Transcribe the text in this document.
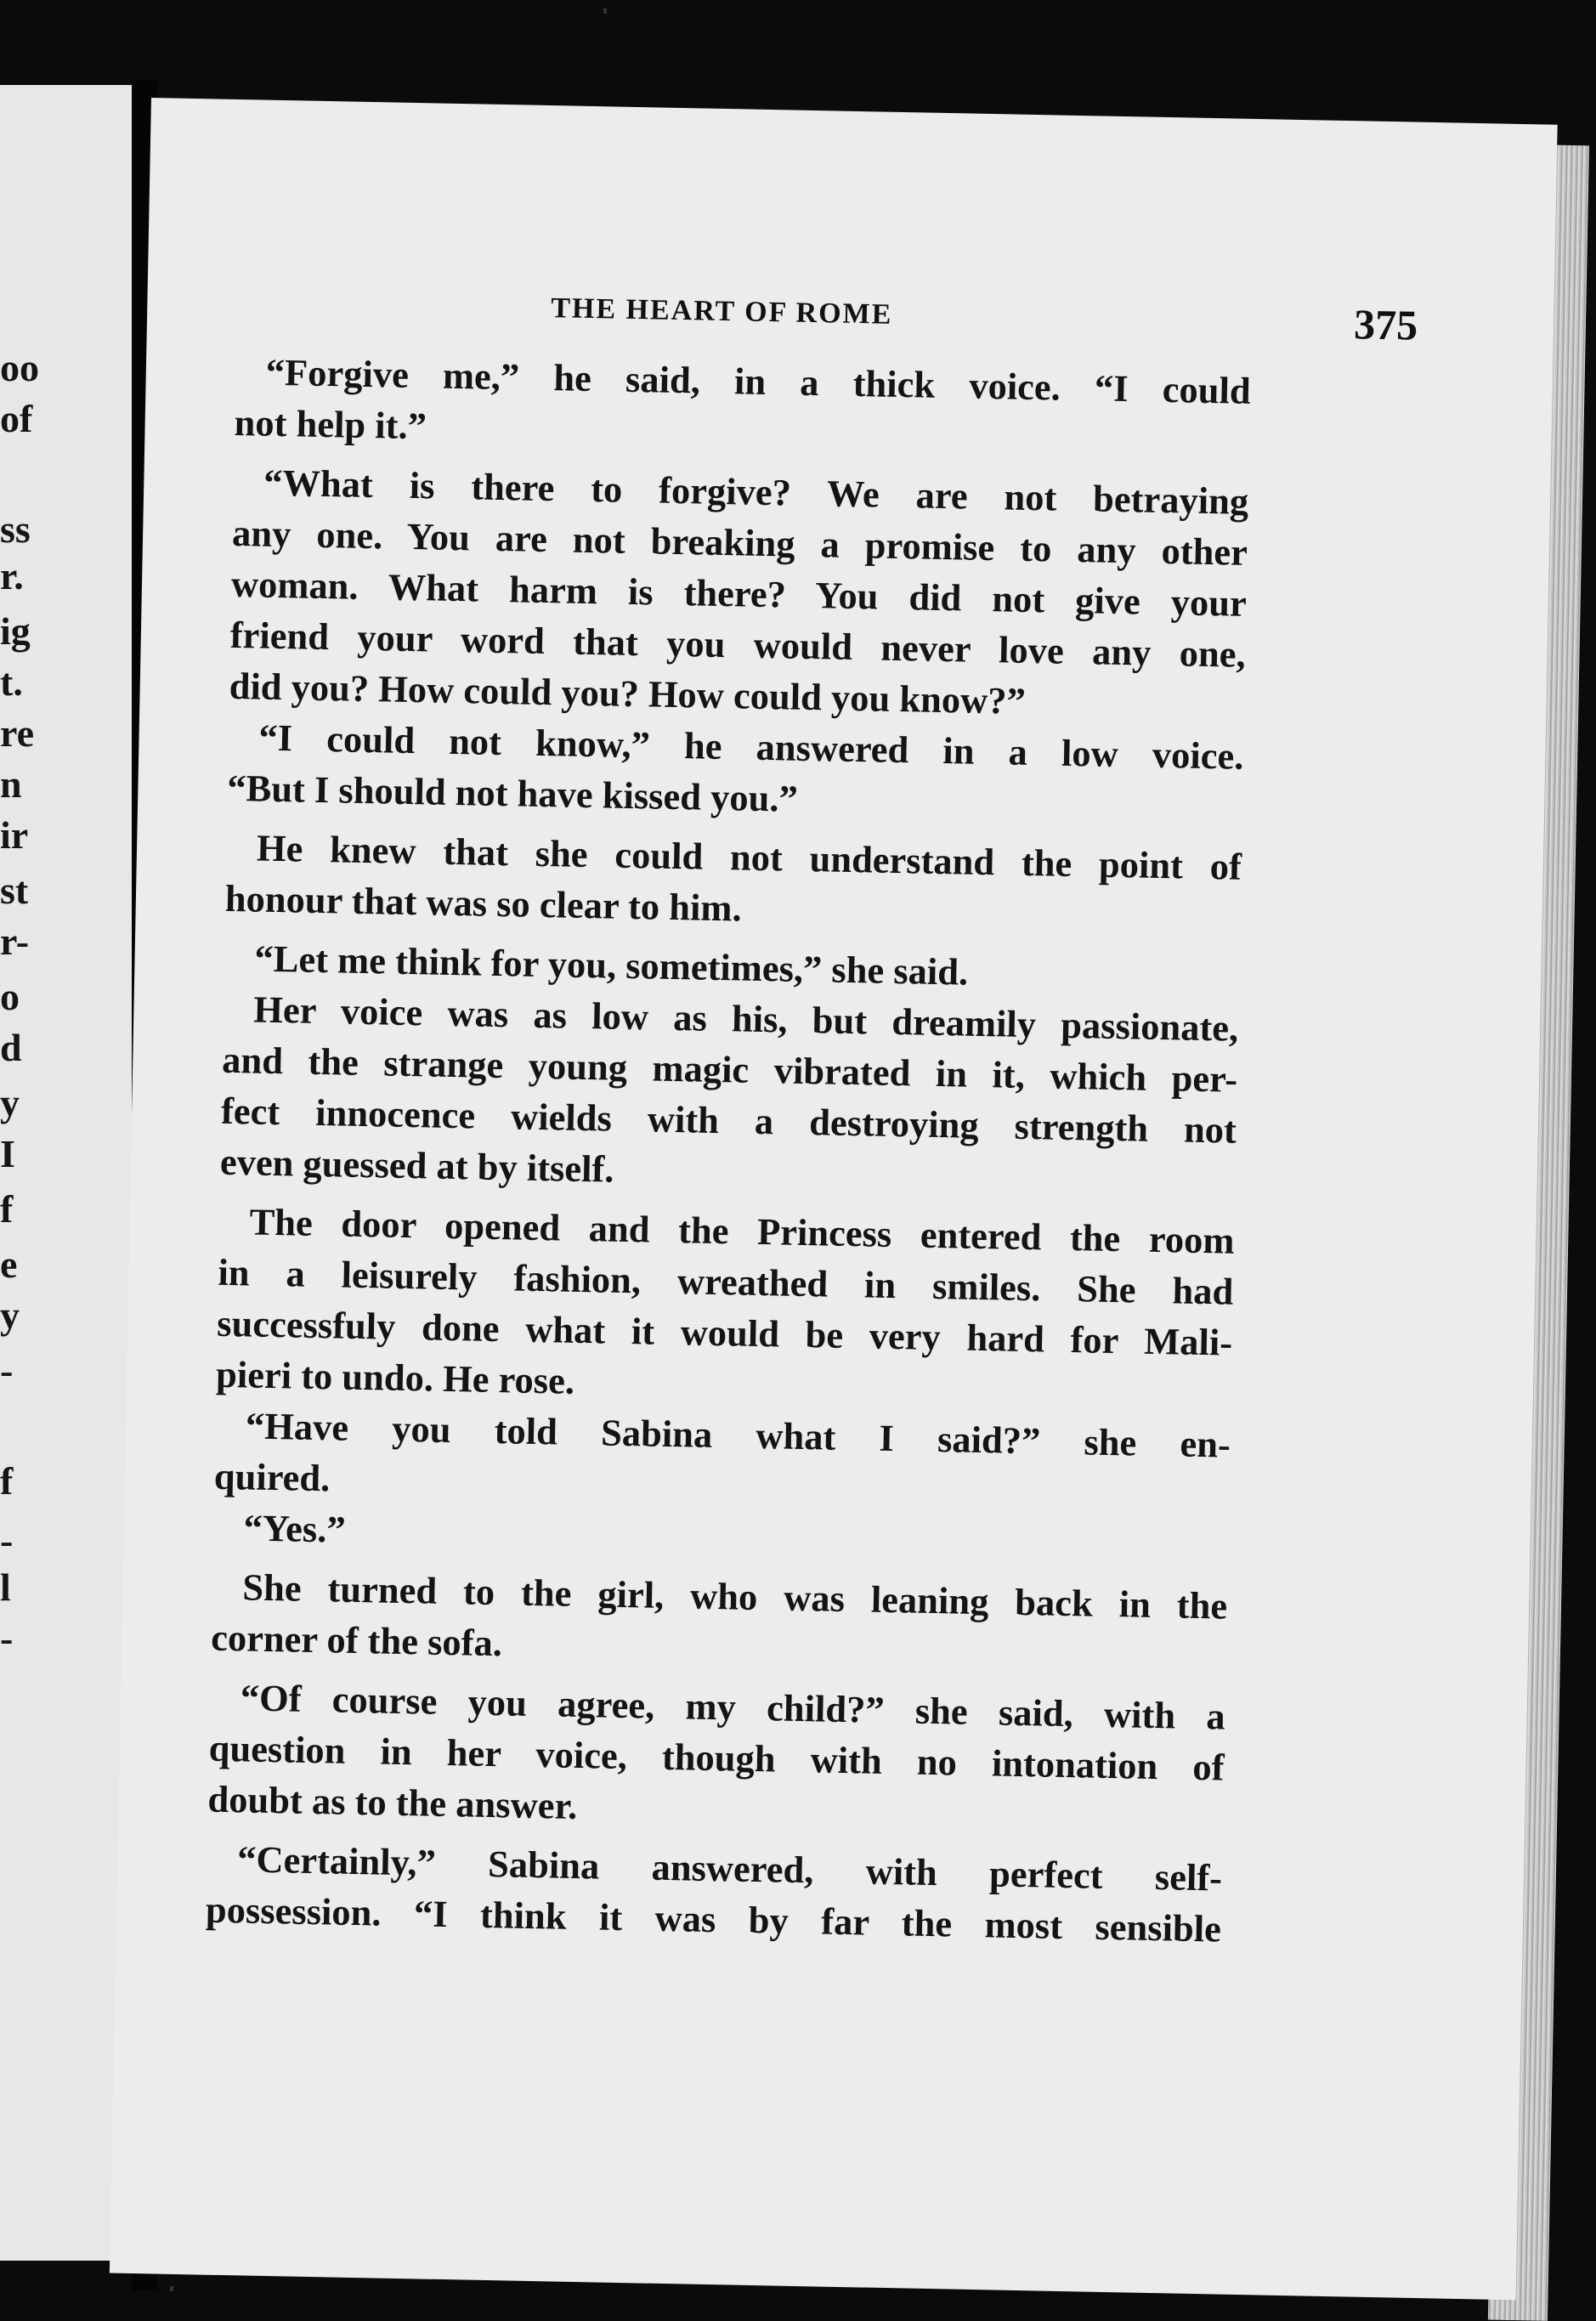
oo
of
ss
r.
ig
t.
re
n
ir
st
r-
o
d
y
I
f
e
y
-
f
-
l
-
THE HEART OF ROME	375
“Forgive me,” he said, in a thick voice. “I could
not help it.”
“What is there to forgive? We are not betraying
any one. You are not breaking a promise to any other
woman. What harm is there? You did not give your
friend your word that you would never love any one,
did you? How could you? How could you know?”
“I could not know,” he answered in a low voice.
“But I should not have kissed you.”
He knew that she could not understand the point of
honour that was so clear to him.
“Let me think for you, sometimes,” she said.
Her voice was as low as his, but dreamily passionate,
and the strange young magic vibrated in it, which per-
fect innocence wields with a destroying strength not
even guessed at by itself.
The door opened and the Princess entered the room
in a leisurely fashion, wreathed in smiles. She had
successfuly done what it would be very hard for Mali-
pieri to undo. He rose.
“Have you told Sabina what I said?” she en-
quired.
“Yes.”
She turned to the girl, who was leaning back in the
corner of the sofa.
“Of course you agree, my child?” she said, with a
question in her voice, though with no intonation of
doubt as to the answer.
“Certainly,” Sabina answered, with perfect self-
possession. “I think it was by far the most sensible
